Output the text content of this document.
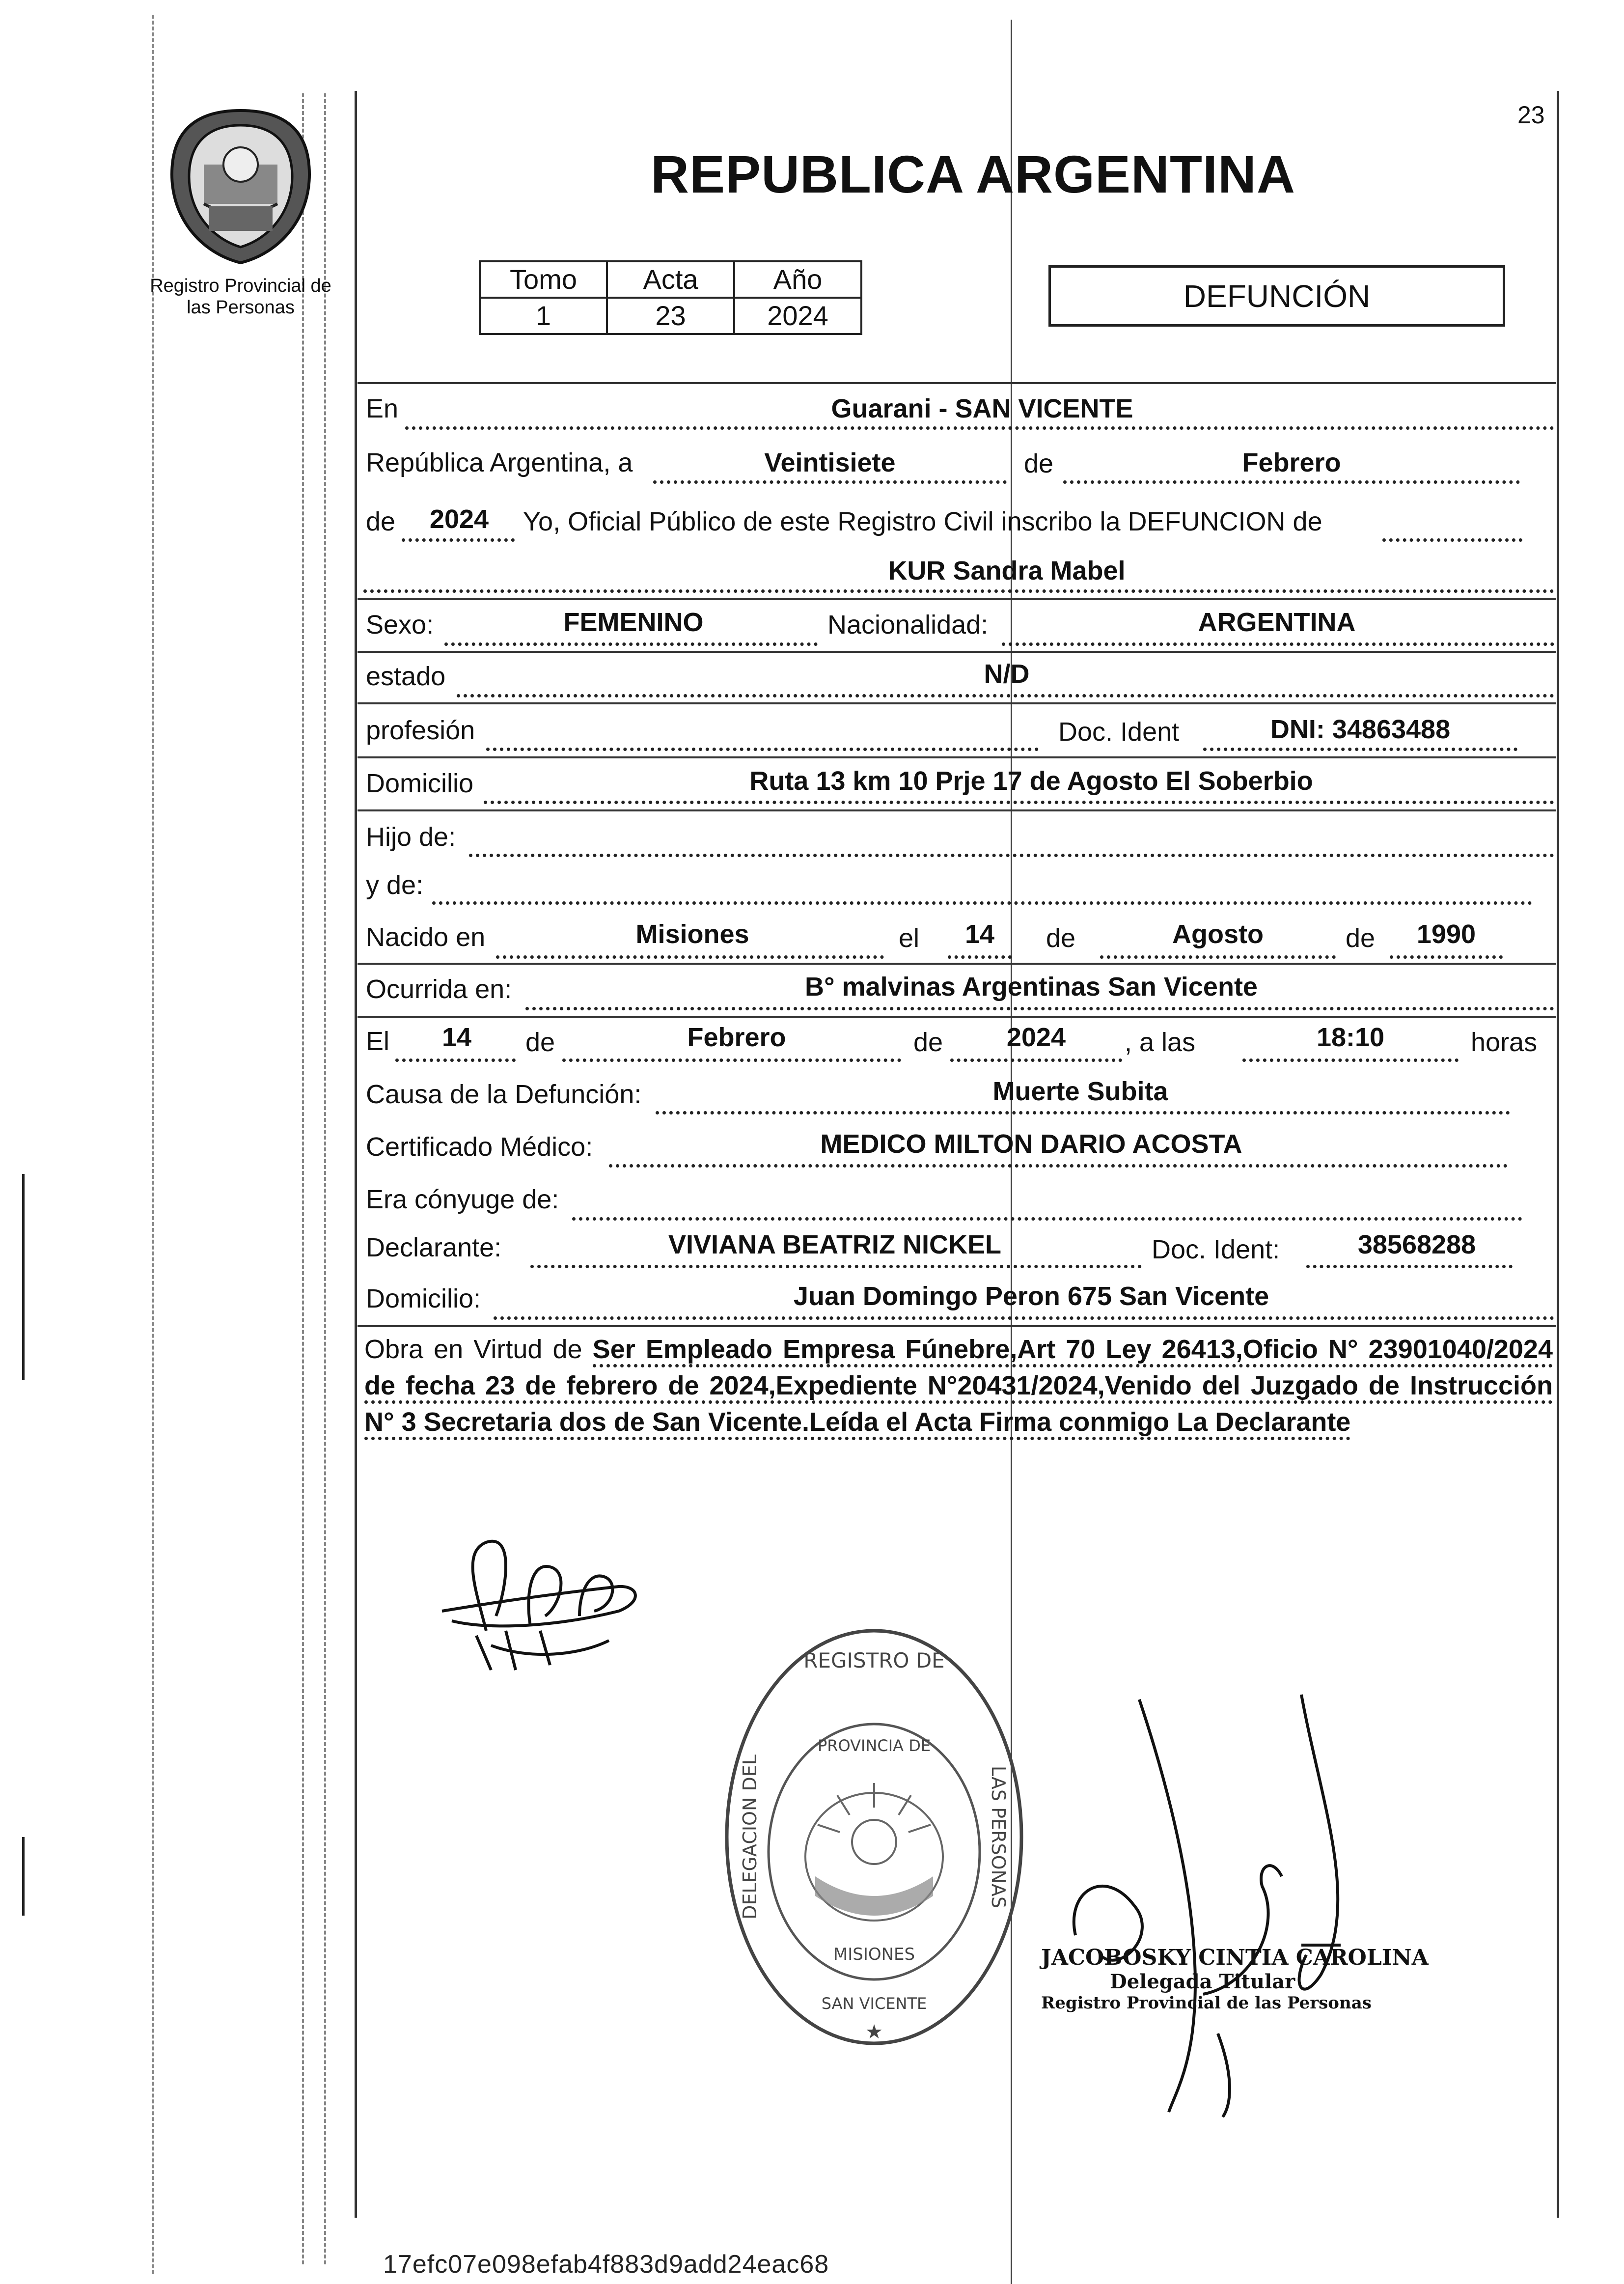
23
Registro Provincial de
las Personas
REPUBLICA ARGENTINA
Tomo	Acta	Año
1	23	2024
DEFUNCIÓN
En	Guarani - SAN VICENTE
República Argentina, a	Veintisiete	de	Febrero
de	2024	Yo, Oficial Público de este Registro Civil inscribo la DEFUNCION de
KUR Sandra Mabel
Sexo:	FEMENINO	Nacionalidad:	ARGENTINA
estado	N/D
profesión	Doc. Ident	DNI: 34863488
Domicilio	Ruta 13 km 10 Prje 17 de Agosto El Soberbio
Hijo de:
y de:
Nacido en	Misiones	el	14	de	Agosto	de	1990
Ocurrida en:	B° malvinas Argentinas San Vicente
El	14	de	Febrero	de	2024	, a las	18:10	horas
Causa de la Defunción:	Muerte Subita
Certificado Médico:	MEDICO MILTON DARIO ACOSTA
Era cónyuge de:
Declarante:	VIVIANA BEATRIZ NICKEL	Doc. Ident:	38568288
Domicilio:	Juan Domingo Peron 675 San Vicente
Obra en Virtud de Ser Empleado Empresa Fúnebre,Art 70 Ley 26413,Oficio N° 23901040/2024 de fecha 23 de febrero de 2024,Expediente N°20431/2024,Venido del Juzgado de Instrucción N° 3 Secretaria dos de San Vicente.Leída el Acta Firma conmigo La Declarante
REGISTRO DE
DELEGACION DEL	LAS PERSONAS
PROVINCIA DE
MISIONES
SAN VICENTE
★
JACOBOSKY CINTIA CAROLINA
Delegada Titular
Registro Provincial de las Personas
17efc07e098efab4f883d9add24eac68
